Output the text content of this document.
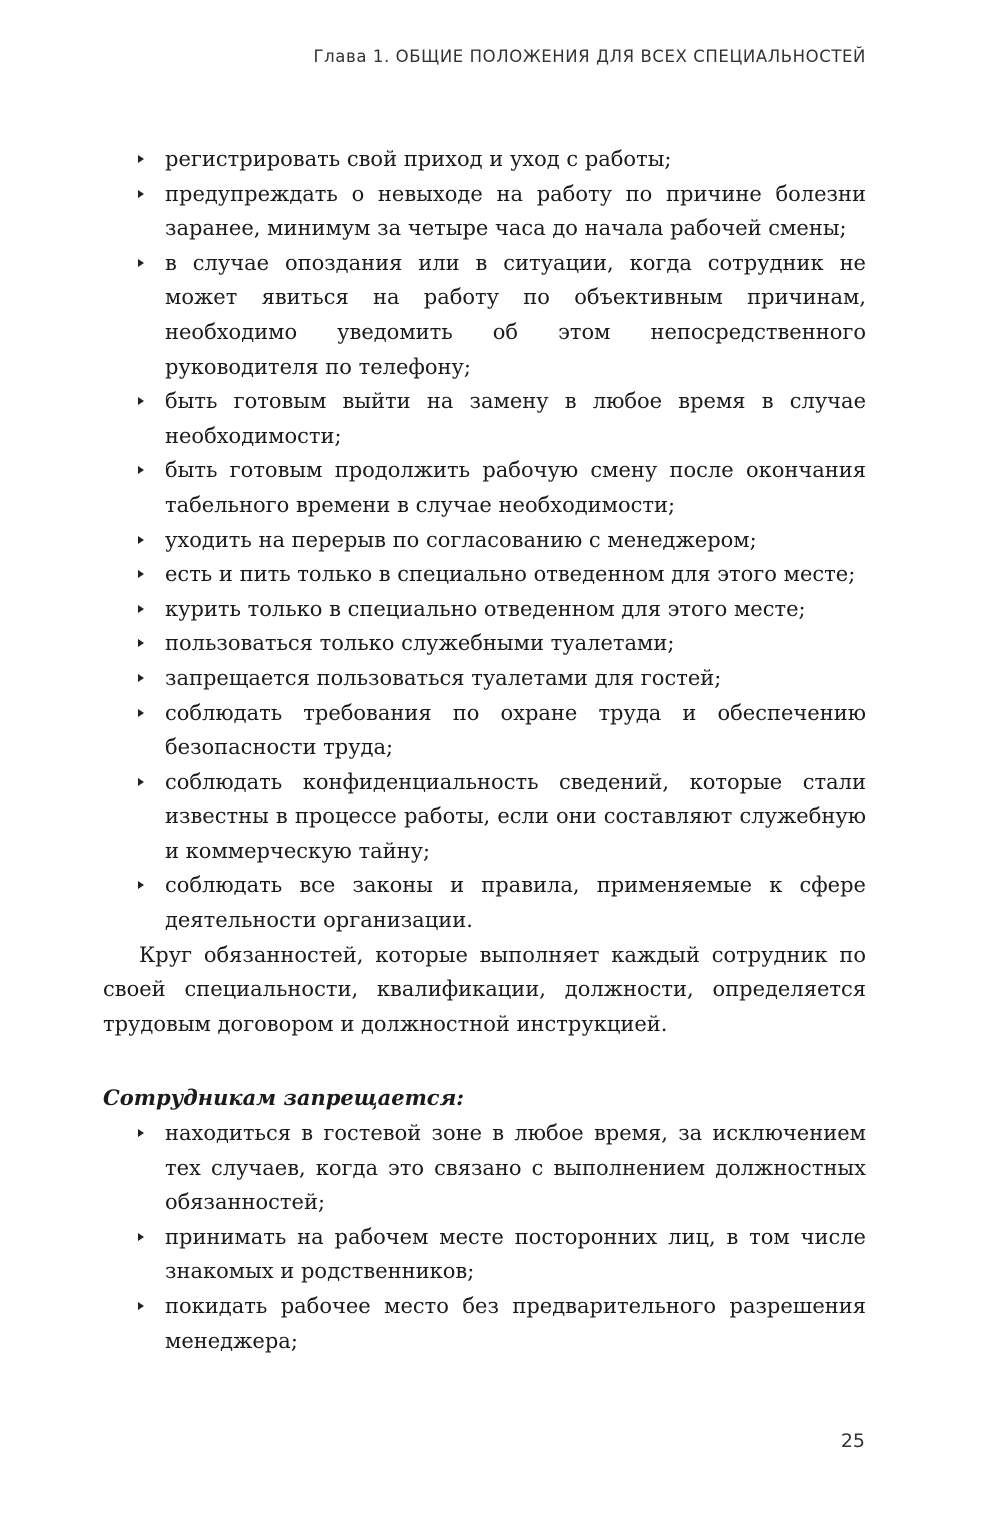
Глава 1. ОБЩИЕ ПОЛОЖЕНИЯ ДЛЯ ВСЕХ СПЕЦИАЛЬНОСТЕЙ
регистрировать свой приход и уход с работы;
предупреждать о невыходе на работу по причине болезни заранее, минимум за четыре часа до начала рабочей смены;
в случае опоздания или в ситуации, когда сотрудник не может явиться на работу по объективным причинам, необходимо уведомить об этом непосредственного руководителя по телефону;
быть готовым выйти на замену в любое время в случае необходимости;
быть готовым продолжить рабочую смену после окончания табельного времени в случае необходимости;
уходить на перерыв по согласованию с менеджером;
есть и пить только в специально отведенном для этого месте;
курить только в специально отведенном для этого месте;
пользоваться только служебными туалетами;
запрещается пользоваться туалетами для гостей;
соблюдать требования по охране труда и обеспечению безопасности труда;
соблюдать конфиденциальность сведений, которые стали известны в процессе работы, если они составляют служебную и коммерческую тайну;
соблюдать все законы и правила, применяемые к сфере деятельности организации.

Круг обязанностей, которые выполняет каждый сотрудник по своей специальности, квалификации, должности, определяется трудовым договором и должностной инструкцией.

Сотрудникам запрещается:
находиться в гостевой зоне в любое время, за исключением тех случаев, когда это связано с выполнением должностных обязанностей;
принимать на рабочем месте посторонних лиц, в том числе знакомых и родственников;
покидать рабочее место без предварительного разрешения менеджера;
25
